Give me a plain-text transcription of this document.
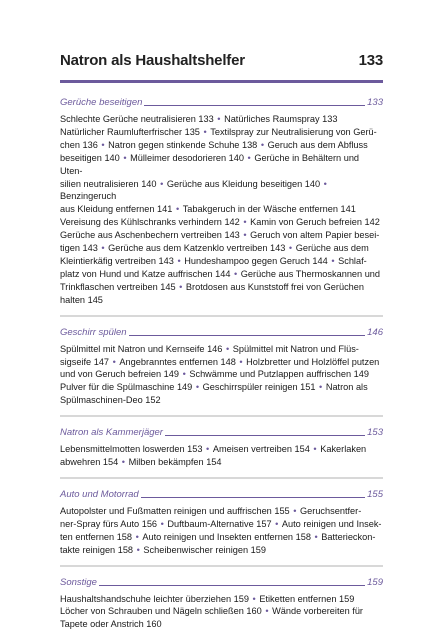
Natron als Haushaltshelfer	133
Gerüche beseitigen	133
Schlechte Gerüche neutralisieren 133 • Natürliches Raumspray 133
Natürlicher Raumlufterfrischer 135 • Textilspray zur Neutralisierung von Gerü-
chen 136 • Natron gegen stinkende Schuhe 138 • Geruch aus dem Abfluss
beseitigen 140 • Mülleimer desodorieren 140 • Gerüche in Behältern und Uten-
silien neutralisieren 140 • Gerüche aus Kleidung beseitigen 140 • Benzingeruch
aus Kleidung entfernen 141 • Tabakgeruch in der Wäsche entfernen 141
Vereisung des Kühlschranks verhindern 142 • Kamin von Geruch befreien 142
Gerüche aus Aschenbechern vertreiben 143 • Geruch von altem Papier besei-
tigen 143 • Gerüche aus dem Katzenklo vertreiben 143 • Gerüche aus dem
Kleintierkäfig vertreiben 143 • Hundeshampoo gegen Geruch 144 • Schlaf-
platz von Hund und Katze auffrischen 144 • Gerüche aus Thermoskannen und
Trinkflaschen vertreiben 145 • Brotdosen aus Kunststoff frei von Gerüchen
halten 145
Geschirr spülen	146
Spülmittel mit Natron und Kernseife 146 • Spülmittel mit Natron und Flüs-
sigseife 147 • Angebranntes entfernen 148 • Holzbretter und Holzlöffel putzen
und von Geruch befreien 149 • Schwämme und Putzlappen auffrischen 149
Pulver für die Spülmaschine 149 • Geschirrspüler reinigen 151 • Natron als
Spülmaschinen-Deo 152
Natron als Kammerjäger	153
Lebensmittelmotten loswerden 153 • Ameisen vertreiben 154 • Kakerlaken
abwehren 154 • Milben bekämpfen 154
Auto und Motorrad	155
Autopolster und Fußmatten reinigen und auffrischen 155 • Geruchsentfer-
ner-Spray fürs Auto 156 • Duftbaum-Alternative 157 • Auto reinigen und Insek-
ten entfernen 158 • Auto reinigen und Insekten entfernen 158 • Batterieckon-
takte reinigen 158 • Scheibenwischer reinigen 159
Sonstige	159
Haushaltshandschuhe leichter überziehen 159 • Etiketten entfernen 159
Löcher von Schrauben und Nägeln schließen 160 • Wände vorbereiten für
Tapete oder Anstrich 160
